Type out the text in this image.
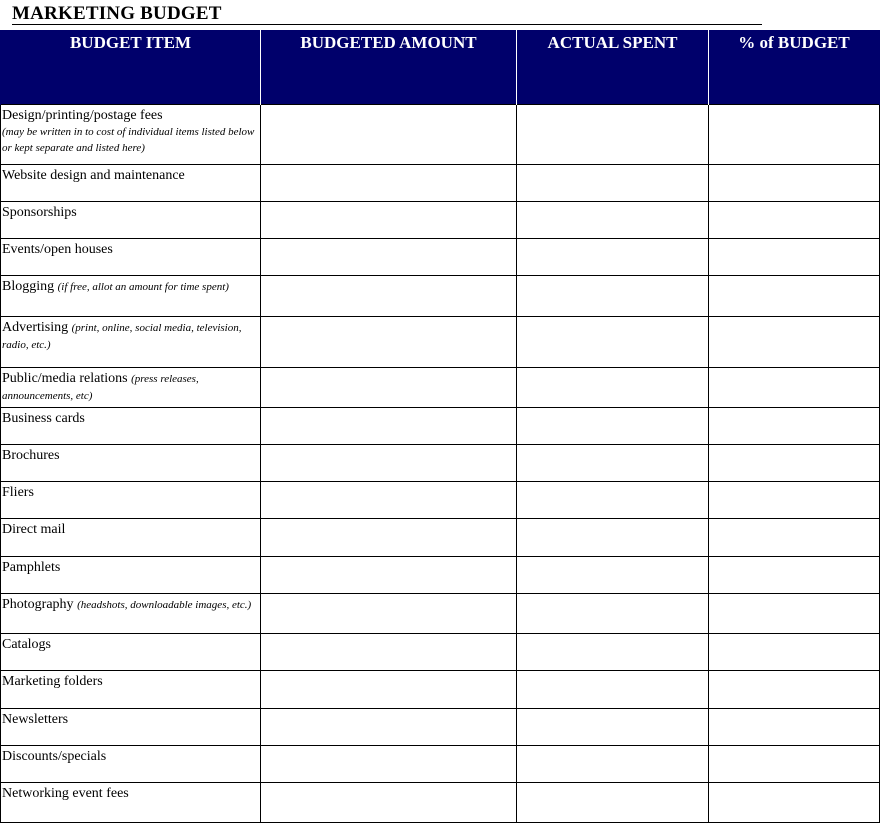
MARKETING BUDGET
BUDGET ITEM	BUDGETED AMOUNT	ACTUAL SPENT	% of BUDGET
Design/printing/postage fees
(may be written in to cost of individual items listed below or kept separate and listed here)			

Website design and maintenance			
Sponsorships			
Events/open houses			
Blogging (if free, allot an amount for time spent)			
Advertising (print, online, social media, television, radio, etc.)			
Public/media relations (press releases, announcements, etc)			
Business cards			
Brochures			
Fliers			
Direct mail			
Pamphlets			
Photography (headshots, downloadable images, etc.)			
Catalogs			
Marketing folders			
Newsletters			
Discounts/specials			
Networking event fees			
